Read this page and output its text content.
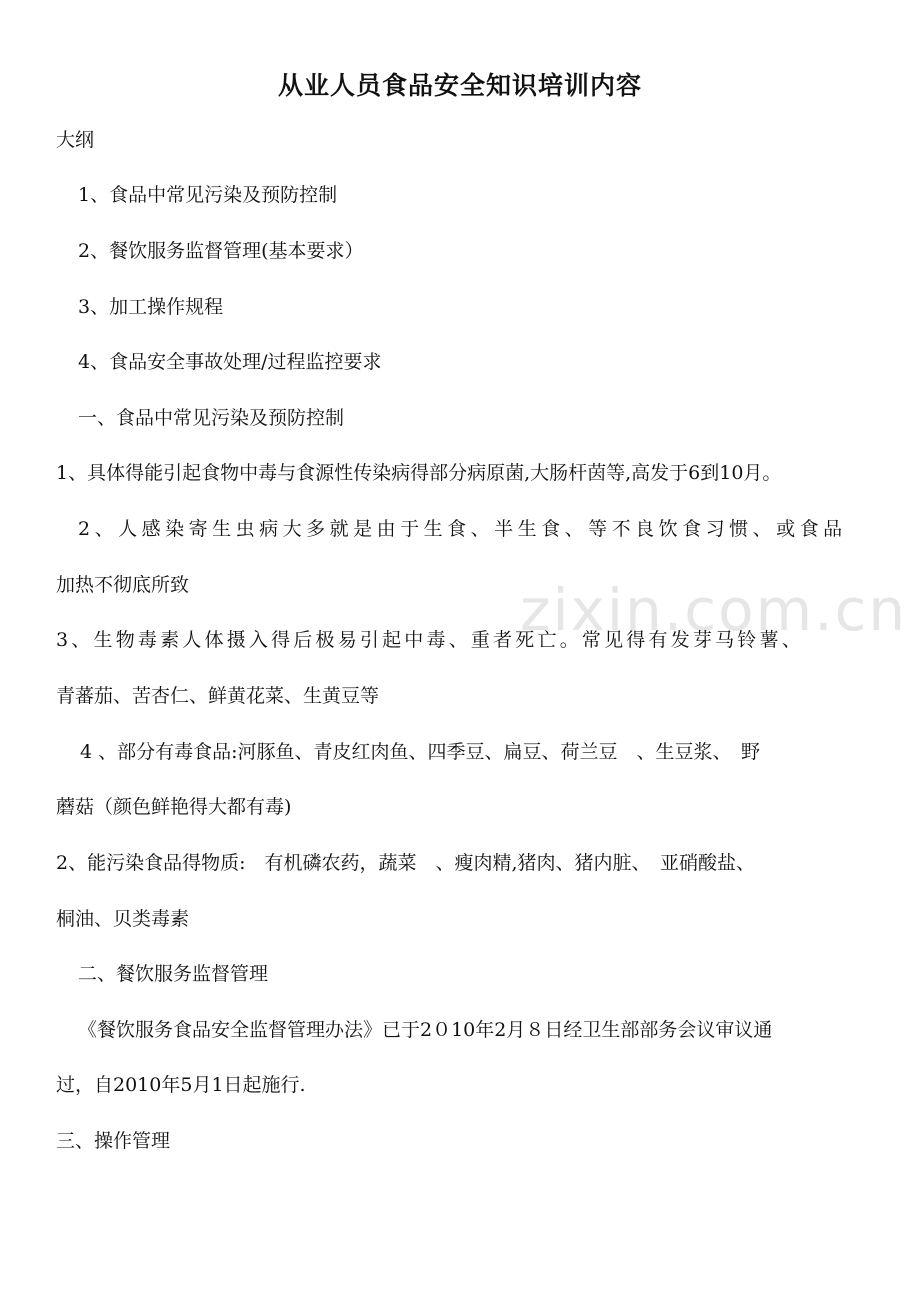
zixin.com.cn
从业人员食品安全知识培训内容
大纲
1、食品中常见污染及预防控制
2、餐饮服务监督管理(基本要求）
3、加工操作规程
4、食品安全事故处理/过程监控要求
一、食品中常见污染及预防控制
1、具体得能引起食物中毒与食源性传染病得部分病原菌,大肠杆茵等,高发于6到10月。
2、人感染寄生虫病大多就是由于生食、半生食、等不良饮食习惯、或食品
加热不彻底所致
3、生物毒素人体摄入得后极易引起中毒、重者死亡。常见得有发芽马铃薯、
青蕃茄、苦杏仁、鲜黄花菜、生黄豆等
4 、部分有毒食品:河豚鱼、青皮红肉鱼、四季豆、扁豆、荷兰豆　、生豆浆、　野
蘑菇（颜色鲜艳得大都有毒)
2、能污染食品得物质:　有机磷农药，蔬菜　、瘦肉精,猪肉、猪内脏、　亚硝酸盐、
桐油、贝类毒素
二、餐饮服务监督管理
《餐饮服务食品安全监督管理办法》已于2０10年2月８日经卫生部部务会议审议通
过，自2010年5月1日起施行.
三、操作管理
